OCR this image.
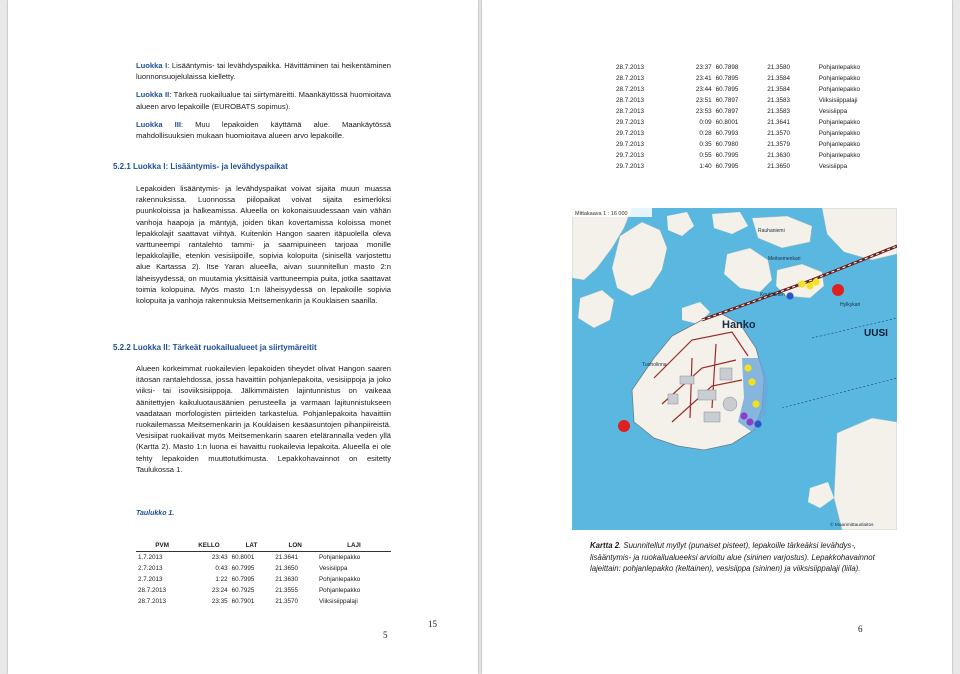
Luokka I: Lisääntymis- tai levähdyspaikka. Hävittäminen tai heikentäminen luonnonsuojelulaissa kielletty.

Luokka II: Tärkeä ruokailualue tai siirtymäreitti. Maankäytössä huomioitava alueen arvo lepakoille (EUROBATS sopimus).

Luokka III: Muu lepakoiden käyttämä alue. Maankäytössä mahdollisuuksien mukaan huomioitava alueen arvo lepakoille.

5.2.1 Luokka I: Lisääntymis- ja levähdyspaikat
Lepakoiden lisääntymis- ja levähdyspaikat voivat sijaita muun muassa rakennuksissa. Luonnossa piilopaikat voivat sijaita esimerkiksi puunkoloissa ja halkeamissa. Alueella on kokonaisuudessaan vain vähän vanhoja haapoja ja mäntyjä, joiden tikan kovertamissa koloissa monet lepakkolajit saattavat viihtyä. Kuitenkin Hangon saaren itäpuolella oleva varttuneempi rantalehto tammi- ja saarnipuineen tarjoaa monille lepakkolajille, etenkin vesisiipoille, sopivia kolopuita (sinisellä varjostettu alue Kartassa 2). Itse Yaran alueella, aivan suunnitellun masto 2:n läheisyydessä, on muutamia yksittäisiä varttuneempia puita, jotka saattavat toimia kolopuina. Myös masto 1:n läheisyydessä on lepakoille sopivia kolopuita ja vanhoja rakennuksia Meitsemenkarin ja Kouklaisen saarilla.
5.2.2 Luokka II: Tärkeät ruokailualueet ja siirtymäreitit
Alueen korkeimmat ruokailevien lepakoiden tiheydet olivat Hangon saaren itäosan rantalehdossa, jossa havaittiin pohjanlepakoita, vesisiippoja ja joko viiksi- tai isoviiksisiippoja. Jälkimmäisten lajintunnistus on vaikeaa äänitettyjen kaikuluotausäänien perusteella ja varmaan lajitunnistukseen vaadataan morfologisten piirteiden tarkastelua. Pohjanlepakoita havaittiin ruokailemassa Meitsemenkarin ja Kouklaisen kesäasuntojen pihanpiireistä. Vesisiipat ruokailivat myös Meitsemenkarin saaren etelärannalla veden yllä (Kartta 2). Masto 1:n luona ei havaittu ruokailevia lepakoita. Alueella ei ole tehty lepakoiden muuttotutkimusta. Lepakkohavainnot on esitetty Taulukossa 1.
Taulukko 1.
PVM	KELLO	LAT	LON	LAJI
1.7.2013	23:43	60.8001	21.3641	Pohjanlepakko
2.7.2013	0:43	60.7995	21.3650	Vesisiippa
2.7.2013	1:22	60.7995	21.3630	Pohjanlepakko
28.7.2013	23:24	60.7925	21.3555	Pohjanlepakko
28.7.2013	23:35	60.7901	21.3570	Viiksisiippalaji
5
15
28.7.2013	23:37	60.7898	21.3580	Pohjanlepakko
28.7.2013	23:41	60.7895	21.3584	Pohjanlepakko
28.7.2013	23:44	60.7895	21.3584	Pohjanlepakko
28.7.2013	23:51	60.7897	21.3583	Viiksisiippalaji
28.7.2013	23:53	60.7897	21.3583	Vesisiippa
29.7.2013	0:09	60.8001	21.3641	Pohjanlepakko
29.7.2013	0:28	60.7993	21.3570	Pohjanlepakko
29.7.2013	0:35	60.7980	21.3579	Pohjanlepakko
29.7.2013	0:55	60.7995	21.3630	Pohjanlepakko
29.7.2013	1:40	60.7995	21.3650	Vesisiippa
Mittakaava 1 : 16 000
Rauhaniemi
Meitsemenkari
Kouklainen
Hylkykari
Hanko
Tuoholinna
UUSI
© Maanmittauslaitos
Kartta 2. Suunnitellut myllyt (punaiset pisteet), lepakoille tärkeäksi levähdys-, lisääntymis- ja ruokailualueeksi arvioitu alue (sininen varjostus). Lepakkohavainnot lajeittain: pohjanlepakko (keltainen), vesisiippa (sininen) ja viiksisiippalaji (liila).
6
